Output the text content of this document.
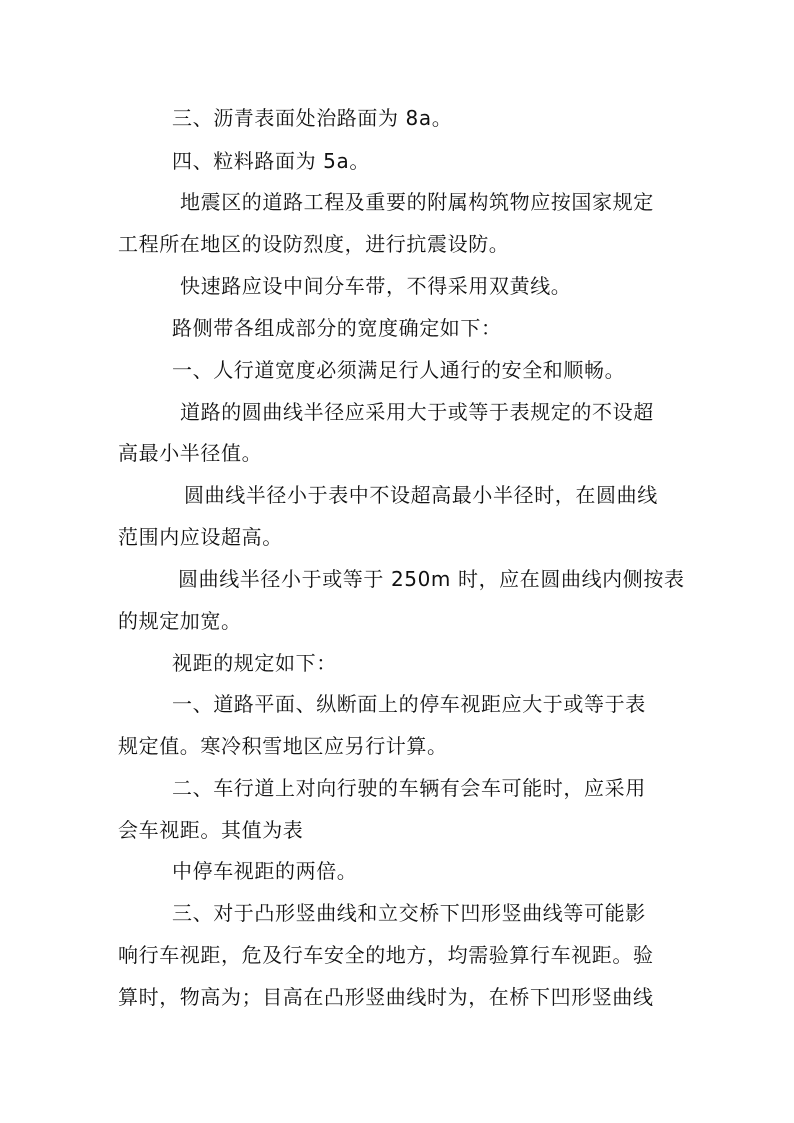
三、沥青表面处治路面为 8a。
四、粒料路面为 5a。
地震区的道路工程及重要的附属构筑物应按国家规定
工程所在地区的设防烈度，进行抗震设防。
快速路应设中间分车带，不得采用双黄线。
路侧带各组成部分的宽度确定如下：
一、人行道宽度必须满足行人通行的安全和顺畅。
道路的圆曲线半径应采用大于或等于表规定的不设超
高最小半径值。
圆曲线半径小于表中不设超高最小半径时，在圆曲线
范围内应设超高。
圆曲线半径小于或等于 250m 时，应在圆曲线内侧按表
的规定加宽。
视距的规定如下：
一、道路平面、纵断面上的停车视距应大于或等于表
规定值。寒冷积雪地区应另行计算。
二、车行道上对向行驶的车辆有会车可能时，应采用
会车视距。其值为表
中停车视距的两倍。
三、对于凸形竖曲线和立交桥下凹形竖曲线等可能影
响行车视距，危及行车安全的地方，均需验算行车视距。验
算时，物高为；目高在凸形竖曲线时为，在桥下凹形竖曲线
